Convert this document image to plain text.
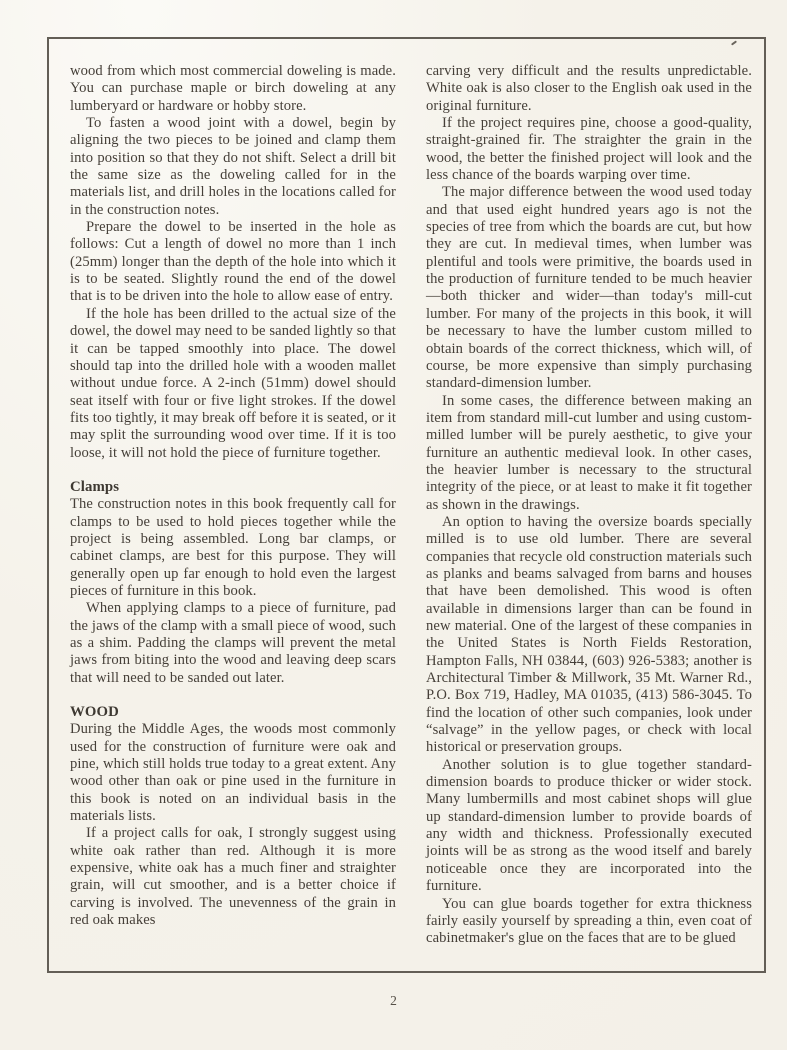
wood from which most commercial doweling is made. You can purchase maple or birch doweling at any lumberyard or hardware or hobby store.

To fasten a wood joint with a dowel, begin by aligning the two pieces to be joined and clamp them into position so that they do not shift. Select a drill bit the same size as the doweling called for in the materials list, and drill holes in the locations called for in the construction notes.

Prepare the dowel to be inserted in the hole as follows: Cut a length of dowel no more than 1 inch (25mm) longer than the depth of the hole into which it is to be seated. Slightly round the end of the dowel that is to be driven into the hole to allow ease of entry.

If the hole has been drilled to the actual size of the dowel, the dowel may need to be sanded lightly so that it can be tapped smoothly into place. The dowel should tap into the drilled hole with a wooden mallet without undue force. A 2-inch (51mm) dowel should seat itself with four or five light strokes. If the dowel fits too tightly, it may break off before it is seated, or it may split the surrounding wood over time. If it is too loose, it will not hold the piece of furniture together.

Clamps

The construction notes in this book frequently call for clamps to be used to hold pieces together while the project is being assembled. Long bar clamps, or cabinet clamps, are best for this purpose. They will generally open up far enough to hold even the largest pieces of furniture in this book.

When applying clamps to a piece of furniture, pad the jaws of the clamp with a small piece of wood, such as a shim. Padding the clamps will prevent the metal jaws from biting into the wood and leaving deep scars that will need to be sanded out later.

WOOD

During the Middle Ages, the woods most commonly used for the construction of furniture were oak and pine, which still holds true today to a great extent. Any wood other than oak or pine used in the furniture in this book is noted on an individual basis in the materials lists.

If a project calls for oak, I strongly suggest using white oak rather than red. Although it is more expensive, white oak has a much finer and straighter grain, will cut smoother, and is a better choice if carving is involved. The unevenness of the grain in red oak makes

carving very difficult and the results unpredictable. White oak is also closer to the English oak used in the original furniture.

If the project requires pine, choose a good-quality, straight-grained fir. The straighter the grain in the wood, the better the finished project will look and the less chance of the boards warping over time.

The major difference between the wood used today and that used eight hundred years ago is not the species of tree from which the boards are cut, but how they are cut. In medieval times, when lumber was plentiful and tools were primitive, the boards used in the production of furniture tended to be much heavier—both thicker and wider—than today's mill-cut lumber. For many of the projects in this book, it will be necessary to have the lumber custom milled to obtain boards of the correct thickness, which will, of course, be more expensive than simply purchasing standard-dimension lumber.

In some cases, the difference between making an item from standard mill-cut lumber and using custom-milled lumber will be purely aesthetic, to give your furniture an authentic medieval look. In other cases, the heavier lumber is necessary to the structural integrity of the piece, or at least to make it fit together as shown in the drawings.

An option to having the oversize boards specially milled is to use old lumber. There are several companies that recycle old construction materials such as planks and beams salvaged from barns and houses that have been demolished. This wood is often available in dimensions larger than can be found in new material. One of the largest of these companies in the United States is North Fields Restoration, Hampton Falls, NH 03844, (603) 926-5383; another is Architectural Timber & Millwork, 35 Mt. Warner Rd., P.O. Box 719, Hadley, MA 01035, (413) 586-3045. To find the location of other such companies, look under “salvage” in the yellow pages, or check with local historical or preservation groups.

Another solution is to glue together standard-dimension boards to produce thicker or wider stock. Many lumbermills and most cabinet shops will glue up standard-dimension lumber to provide boards of any width and thickness. Professionally executed joints will be as strong as the wood itself and barely noticeable once they are incorporated into the furniture.

You can glue boards together for extra thickness fairly easily yourself by spreading a thin, even coat of cabinetmaker's glue on the faces that are to be glued

2
